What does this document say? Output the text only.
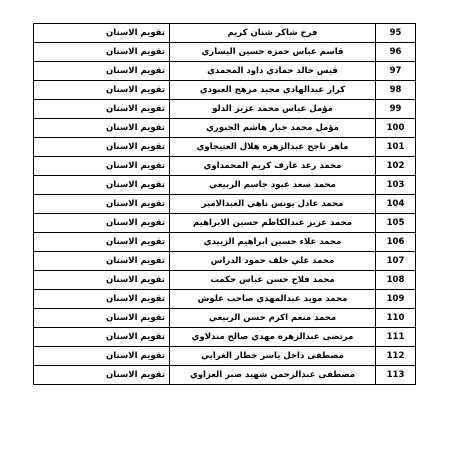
95	فرح شاكر شنان كريم	تقويم الاسنان
96	قاسم عباس حمزه حسين اليساري	تقويم الاسنان
97	قيس خالد حمادي داود المحمدي	تقويم الاسنان
98	كرار عبدالهادي مجيد مرهج العبودي	تقويم الاسنان
99	مؤمل عباس محمد عزيز الدلو	تقويم الاسنان
100	مؤمل محمد جبار هاشم الجبوري	تقويم الاسنان
101	ماهر ناجح عبدالزهره هلال العتيجاوي	تقويم الاسنان
102	محمد رعد عارف كريم المحمداوي	تقويم الاسنان
103	محمد سعد عبود جاسم الربيعي	تقويم الاسنان
104	محمد عادل يونس ناهي العبدالامير	تقويم الاسنان
105	محمد عزيز عبدالكاظم حسين الابراهيم	تقويم الاسنان
106	محمد علاء حسين ابراهيم الزبيدي	تقويم الاسنان
107	محمد علي خلف حمود الدراس	تقويم الاسنان
108	محمد فلاح حسن عباس حكمت	تقويم الاسنان
109	محمد مويد عبدالمهدي صاحب علوش	تقويم الاسنان
110	محمد منعم اكرم حسن الربيعي	تقويم الاسنان
111	مرتضى عبدالزهره مهدي صالح مندلاوي	تقويم الاسنان
112	مصطفى داخل ياسر خطار الغرابي	تقويم الاسنان
113	مصطفى عبدالرحمن شهيد صبر العزاوي	تقويم الاسنان
